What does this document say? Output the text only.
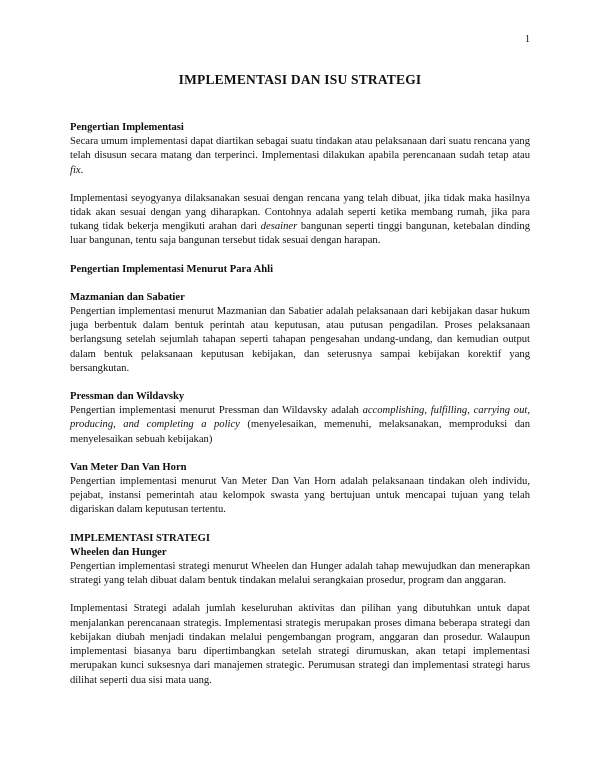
1
IMPLEMENTASI DAN ISU STRATEGI

Pengertian Implementasi

Secara umum implementasi dapat diartikan sebagai suatu tindakan atau pelaksanaan dari suatu rencana yang telah disusun secara matang dan terperinci. Implementasi dilakukan apabila perencanaan sudah tetap atau fix.

Implementasi seyogyanya dilaksanakan sesuai dengan rencana yang telah dibuat, jika tidak maka hasilnya tidak akan sesuai dengan yang diharapkan. Contohnya adalah seperti ketika membang rumah, jika para tukang tidak bekerja mengikuti arahan dari desainer bangunan seperti tinggi bangunan, ketebalan dinding luar bangunan, tentu saja bangunan tersebut tidak sesuai dengan harapan.

Pengertian Implementasi Menurut Para Ahli

Mazmanian dan Sabatier

Pengertian implementasi menurut Mazmanian dan Sabatier adalah pelaksanaan dari kebijakan dasar hukum juga berbentuk dalam bentuk perintah atau keputusan, atau putusan pengadilan. Proses pelaksanaan berlangsung setelah sejumlah tahapan seperti tahapan pengesahan undang-undang, dan kemudian output dalam bentuk pelaksanaan keputusan kebijakan, dan seterusnya sampai kebijakan korektif yang bersangkutan.

Pressman dan Wildavsky

Pengertian implementasi menurut Pressman dan Wildavsky adalah accomplishing, fulfilling, carrying out, producing, and completing a policy (menyelesaikan, memenuhi, melaksanakan, memproduksi dan menyelesaikan sebuah kebijakan)

Van Meter Dan Van Horn

Pengertian implementasi menurut Van Meter Dan Van Horn adalah pelaksanaan tindakan oleh individu, pejabat, instansi pemerintah atau kelompok swasta yang bertujuan untuk mencapai tujuan yang telah digariskan dalam keputusan tertentu.

IMPLEMENTASI STRATEGI

Wheelen dan Hunger

Pengertian implementasi strategi menurut Wheelen dan Hunger adalah tahap mewujudkan dan menerapkan strategi yang telah dibuat dalam bentuk tindakan melalui serangkaian prosedur, program dan anggaran.

Implementasi Strategi adalah jumlah keseluruhan aktivitas dan pilihan yang dibutuhkan untuk dapat menjalankan perencanaan strategis. Implementasi strategis merupakan proses dimana beberapa strategi dan kebijakan diubah menjadi tindakan melalui pengembangan program, anggaran dan prosedur. Walaupun implementasi biasanya baru dipertimbangkan setelah strategi dirumuskan, akan tetapi implementasi merupakan kunci suksesnya dari manajemen strategic. Perumusan strategi dan implementasi strategi harus dilihat seperti dua sisi mata uang.
